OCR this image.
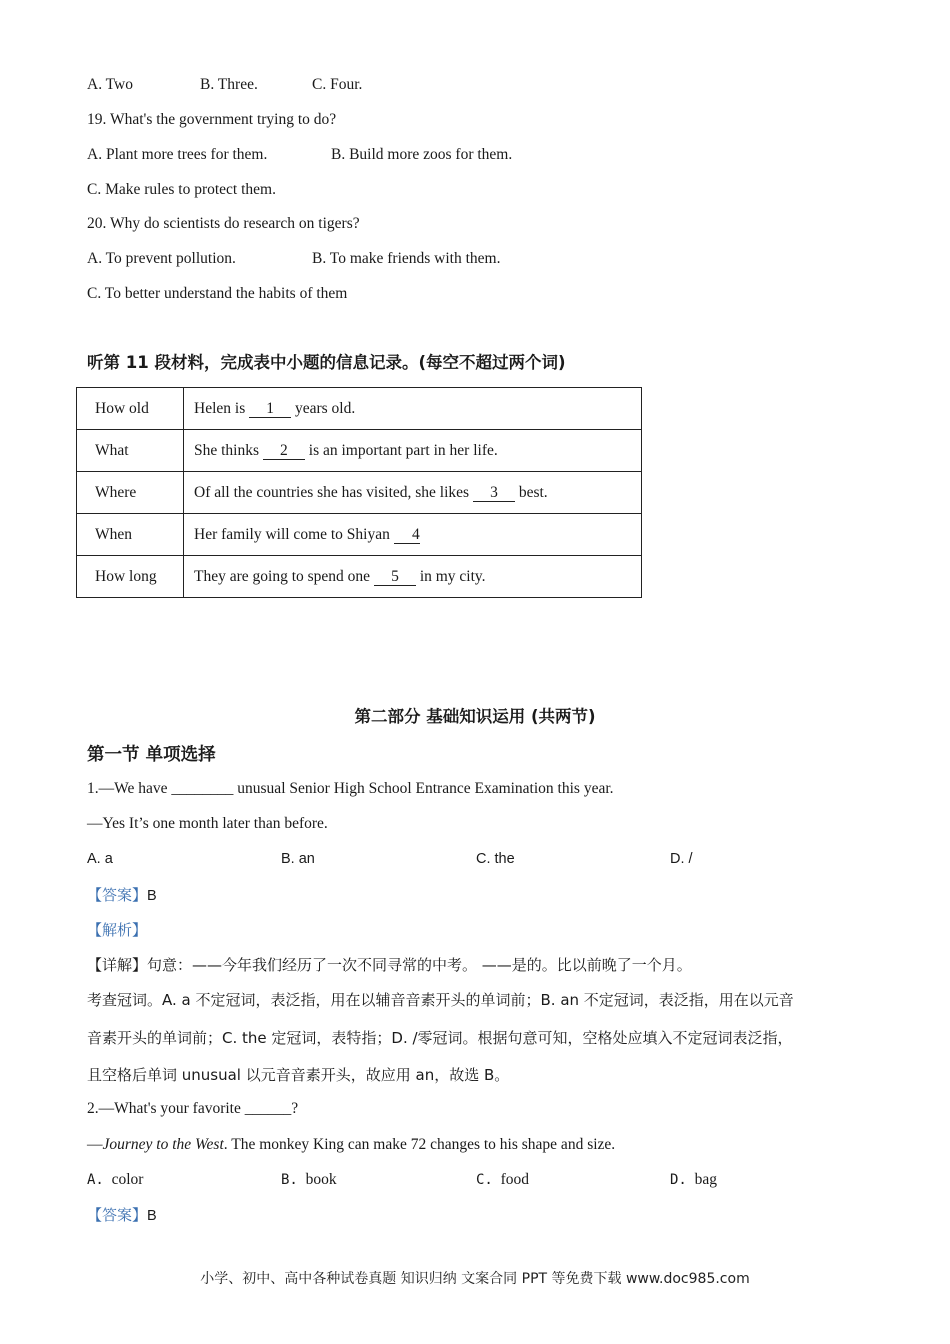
A. Two	B. Three.	C. Four.
19. What's the government trying to do?
A. Plant more trees for them.	B. Build more zoos for them.
C. Make rules to protect them.
20. Why do scientists do research on tigers?
A. To prevent pollution.	B. To make friends with them.
C. To better understand the habits of them
听第 11 段材料，完成表中小题的信息记录。(每空不超过两个词)
How old	Helen is 1 years old.
What	She thinks 2 is an important part in her life.
Where	Of all the countries she has visited, she likes 3 best.
When	Her family will come to Shiyan 4
How long	They are going to spend one 5 in my city.
第二部分 基础知识运用 (共两节)
第一节 单项选择
1.—We have ________ unusual Senior High School Entrance Examination this year.
—Yes It’s one month later than before.
A. a	B. an	C. the	D. /
【答案】B
【解析】
【详解】句意：——今年我们经历了一次不同寻常的中考。 ——是的。比以前晚了一个月。
考查冠词。A. a 不定冠词，表泛指，用在以辅音音素开头的单词前；B. an 不定冠词，表泛指，用在以元音
音素开头的单词前；C. the 定冠词，表特指；D. /零冠词。根据句意可知，空格处应填入不定冠词表泛指，
且空格后单词 unusual 以元音音素开头，故应用 an，故选 B。
2.—What's your favorite ______?
—Journey to the West. The monkey King can make 72 changes to his shape and size.
A. color	B. book	C. food	D. bag
【答案】B
小学、初中、高中各种试卷真题 知识归纳 文案合同 PPT 等免费下载 www.doc985.com
